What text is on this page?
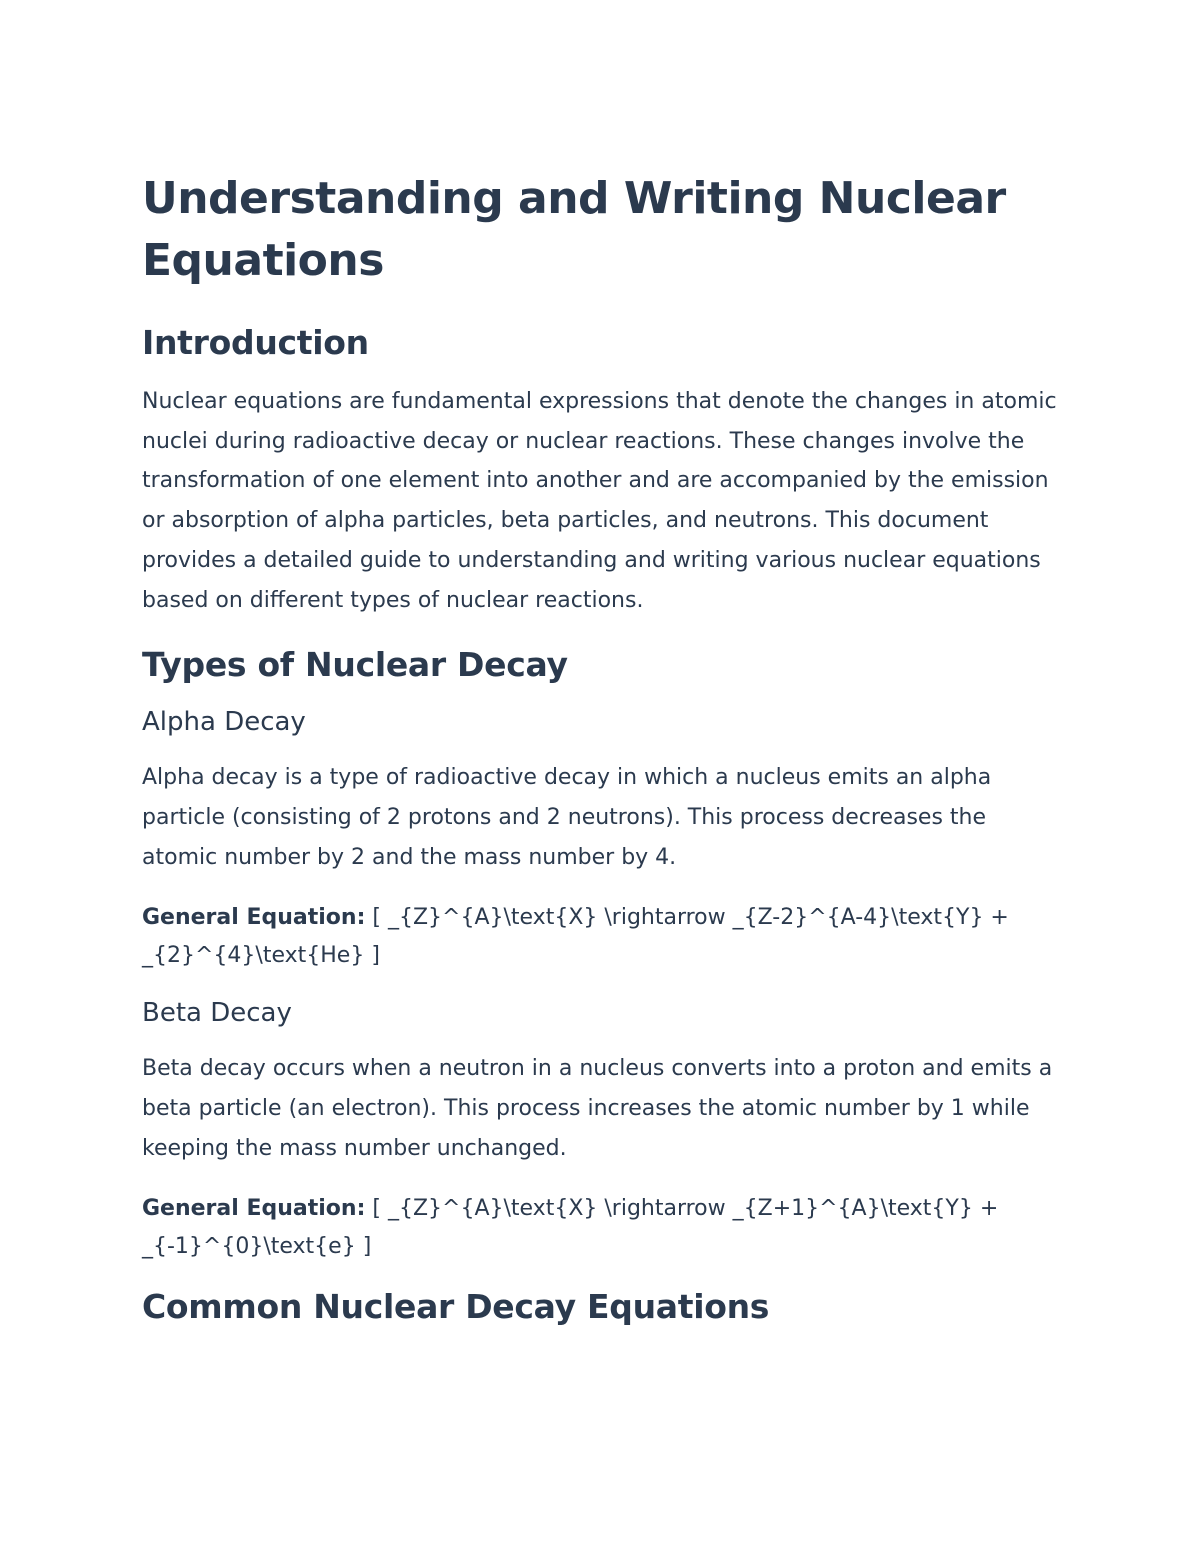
Understanding and Writing Nuclear Equations
Introduction

Nuclear equations are fundamental expressions that denote the changes in atomic nuclei during radioactive decay or nuclear reactions. These changes involve the transformation of one element into another and are accompanied by the emission or absorption of alpha particles, beta particles, and neutrons. This document provides a detailed guide to understanding and writing various nuclear equations based on different types of nuclear reactions.

Types of Nuclear Decay
Alpha Decay

Alpha decay is a type of radioactive decay in which a nucleus emits an alpha particle (consisting of 2 protons and 2 neutrons). This process decreases the atomic number by 2 and the mass number by 4.

General Equation: [ _{Z}^{A}\text{X} \rightarrow _{Z-2}^{A-4}\text{Y} + _{2}^{4}\text{He} ]

Beta Decay

Beta decay occurs when a neutron in a nucleus converts into a proton and emits a beta particle (an electron). This process increases the atomic number by 1 while keeping the mass number unchanged.

General Equation: [ _{Z}^{A}\text{X} \rightarrow _{Z+1}^{A}\text{Y} + _{-1}^{0}\text{e} ]

Common Nuclear Decay Equations
